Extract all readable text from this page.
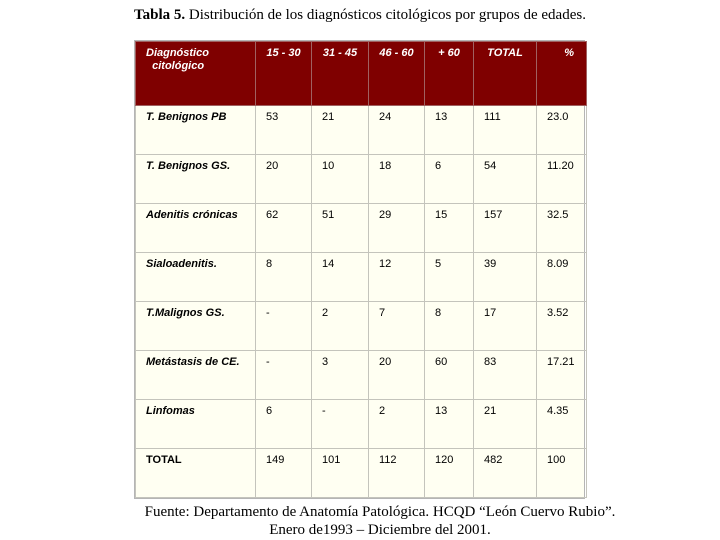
Tabla 5. Distribución de los diagnósticos citológicos por grupos de edades.
Diagnóstico
citológico	15 - 30	31 - 45	46 - 60	+ 60	TOTAL	%
T. Benignos PB	53	21	24	13	111	23.0
T. Benignos GS.	20	10	18	6	54	11.20
Adenitis crónicas	62	51	29	15	157	32.5
Sialoadenitis.	8	14	12	5	39	8.09
T.Malignos GS.	-	2	7	8	17	3.52
Metástasis de CE.	-	3	20	60	83	17.21
Linfomas	6	-	2	13	21	4.35
TOTAL	149	101	112	120	482	100
Fuente: Departamento de Anatomía Patológica. HCQD “León Cuervo Rubio”.
Enero de1993 – Diciembre del 2001.
